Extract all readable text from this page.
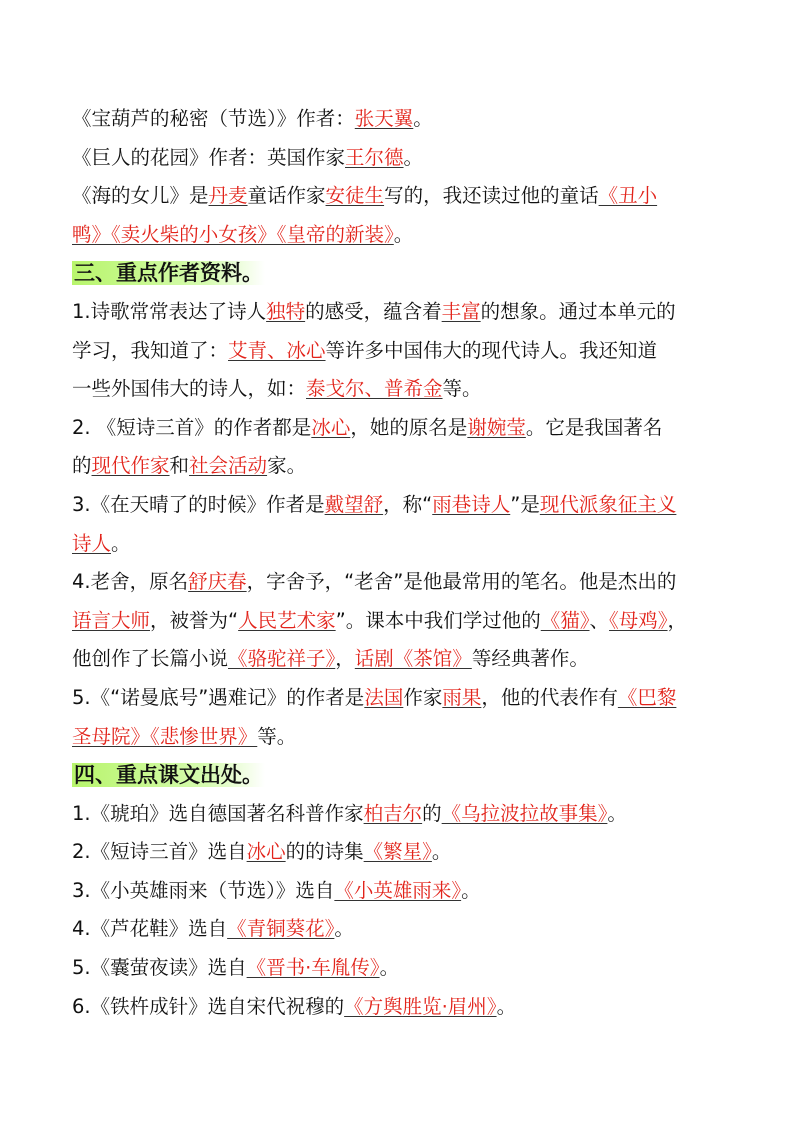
《宝葫芦的秘密（节选）》作者：张天翼。
《巨人的花园》作者：英国作家王尔德。
《海的女儿》是丹麦童话作家安徒生写的，我还读过他的童话《丑小
鸭》《卖火柴的小女孩》《皇帝的新装》。
三、重点作者资料。
1.诗歌常常表达了诗人独特的感受，蕴含着丰富的想象。通过本单元的
学习，我知道了：艾青、冰心等许多中国伟大的现代诗人。我还知道
一些外国伟大的诗人，如：泰戈尔、普希金等。
2. 《短诗三首》的作者都是冰心，她的原名是谢婉莹。它是我国著名
的现代作家和社会活动家。
3.《在天晴了的时候》作者是戴望舒，称“雨巷诗人”是现代派象征主义
诗人。
4.老舍，原名舒庆春，字舍予，“老舍”是他最常用的笔名。他是杰出的
语言大师，被誉为“人民艺术家”。课本中我们学过他的《猫》、《母鸡》，
他创作了长篇小说《骆驼祥子》，话剧《茶馆》等经典著作。
5.《“诺曼底号”遇难记》的作者是法国作家雨果，他的代表作有《巴黎
圣母院》《悲惨世界》等。
四、重点课文出处。
1.《琥珀》选自德国著名科普作家柏吉尔的《乌拉波拉故事集》。
2.《短诗三首》选自冰心的的诗集《繁星》。
3.《小英雄雨来（节选）》选自《小英雄雨来》。
4.《芦花鞋》选自《青铜葵花》。
5.《囊萤夜读》选自《晋书·车胤传》。
6.《铁杵成针》选自宋代祝穆的《方舆胜览·眉州》。
